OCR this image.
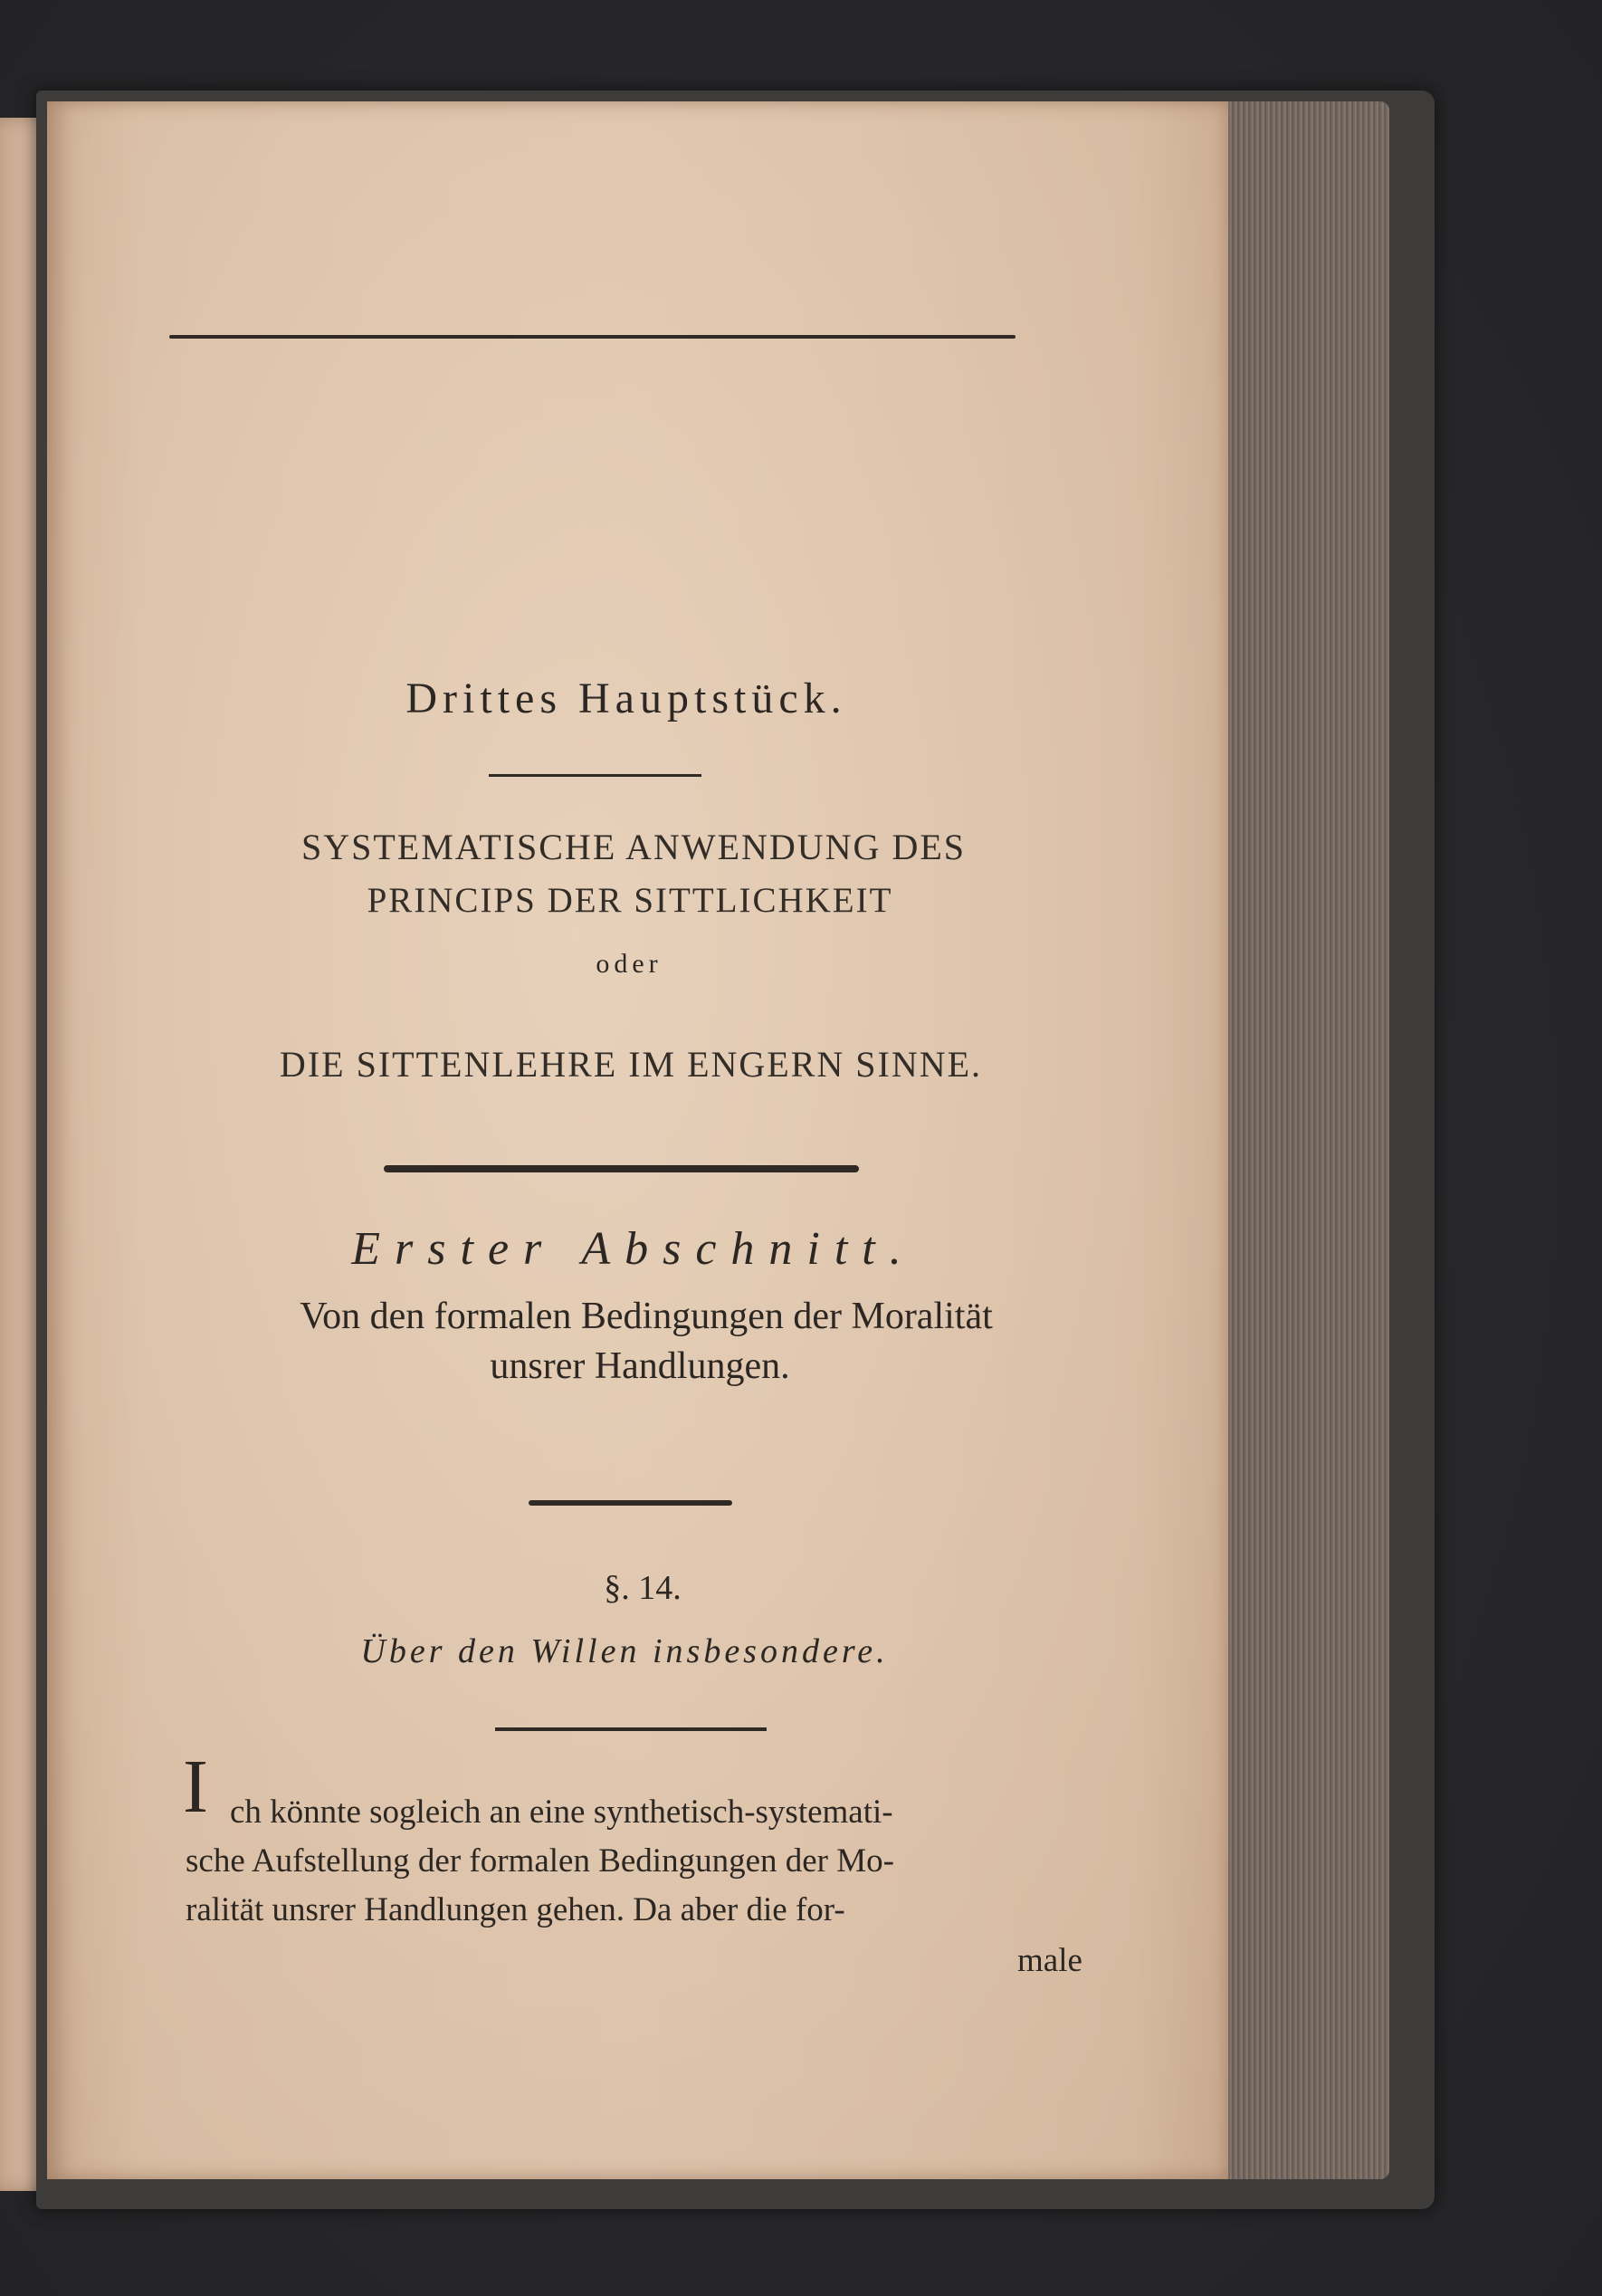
Drittes Hauptstück.
SYSTEMATISCHE ANWENDUNG DES
PRINCIPS DER SITTLICHKEIT
oder
DIE SITTENLEHRE IM ENGERN SINNE.
Erster Abschnitt.
Von den formalen Bedingungen der Moralität
unsrer Handlungen.
§. 14.
Über den Willen insbesondere.
I ch könnte sogleich an eine synthetisch-systemati-
sche Aufstellung der formalen Bedingungen der Mo-
ralität unsrer Handlungen gehen. Da aber die for-
male
